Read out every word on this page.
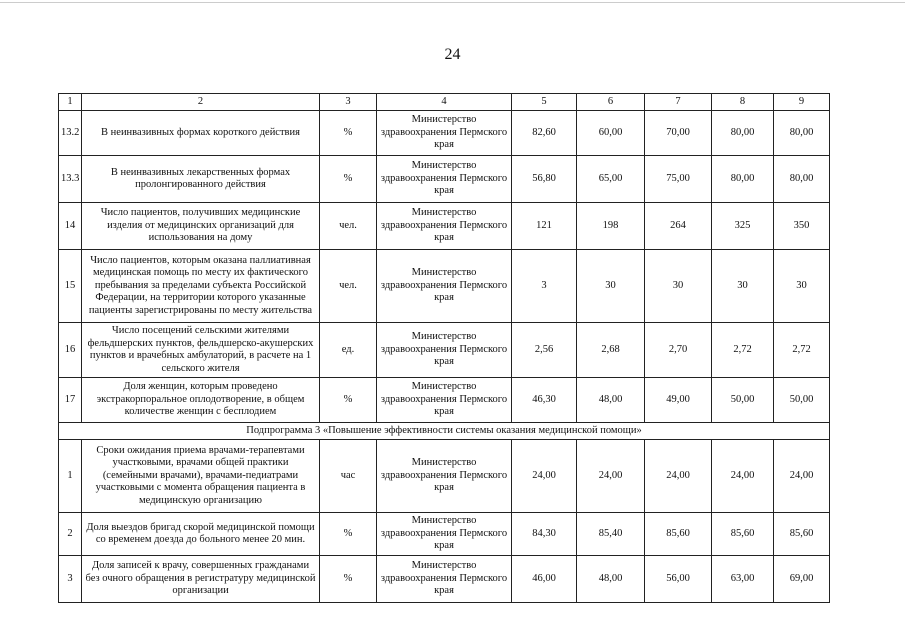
24
1	2	3	4	5	6	7	8	9
13.2	В неинвазивных формах короткого действия	%	Министерство здравоохранения Пермского края	82,60	60,00	70,00	80,00	80,00
13.3	В неинвазивных лекарственных формах пролонгированного действия	%	Министерство здравоохранения Пермского края	56,80	65,00	75,00	80,00	80,00
14	Число пациентов, получивших медицинские изделия от медицинских организаций для использования на дому	чел.	Министерство здравоохранения Пермского края	121	198	264	325	350
15	Число пациентов, которым оказана паллиативная медицинская помощь по месту их фактического пребывания за пределами субъекта Российской Федерации, на территории которого указанные пациенты зарегистрированы по месту жительства	чел.	Министерство здравоохранения Пермского края	3	30	30	30	30
16	Число посещений сельскими жителями фельдшерских пунктов, фельдшерско-акушерских пунктов и врачебных амбулаторий, в расчете на 1 сельского жителя	ед.	Министерство здравоохранения Пермского края	2,56	2,68	2,70	2,72	2,72
17	Доля женщин, которым проведено экстракорпоральное оплодотворение, в общем количестве женщин с бесплодием	%	Министерство здравоохранения Пермского края	46,30	48,00	49,00	50,00	50,00
Подпрограмма 3 «Повышение эффективности системы оказания медицинской помощи»								
1	Сроки ожидания приема врачами-терапевтами участковыми, врачами общей практики (семейными врачами), врачами-педиатрами участковыми с момента обращения пациента в медицинскую организацию	час	Министерство здравоохранения Пермского края	24,00	24,00	24,00	24,00	24,00
2	Доля выездов бригад скорой медицинской помощи со временем доезда до больного менее 20 мин.	%	Министерство здравоохранения Пермского края	84,30	85,40	85,60	85,60	85,60
3	Доля записей к врачу, совершенных гражданами без очного обращения в регистратуру медицинской организации	%	Министерство здравоохранения Пермского края	46,00	48,00	56,00	63,00	69,00
